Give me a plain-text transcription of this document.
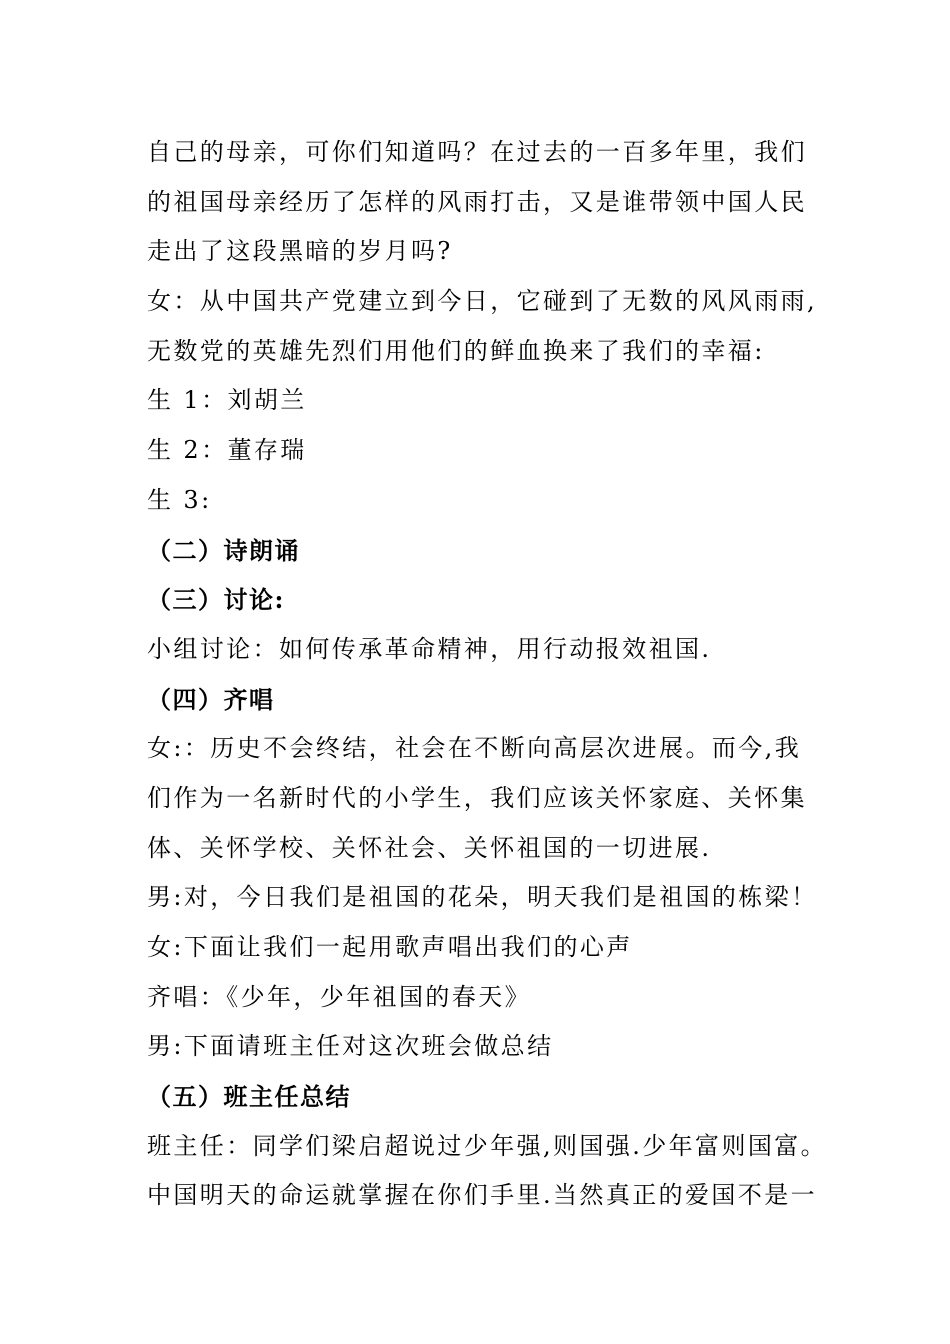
自己的母亲，可你们知道吗？在过去的一百多年里，我们
的祖国母亲经历了怎样的风雨打击，又是谁带领中国人民
走出了这段黑暗的岁月吗?
女：从中国共产党建立到今日，它碰到了无数的风风雨雨,
无数党的英雄先烈们用他们的鲜血换来了我们的幸福:
生 1：刘胡兰
生 2：董存瑞
生 3:
（二）诗朗诵
（三）讨论:
小组讨论：如何传承革命精神，用行动报效祖国.
（四）齐唱
女:：历史不会终结，社会在不断向高层次进展。而今,我
们作为一名新时代的小学生，我们应该关怀家庭、关怀集
体、关怀学校、关怀社会、关怀祖国的一切进展.
男:对，今日我们是祖国的花朵，明天我们是祖国的栋梁！
女:下面让我们一起用歌声唱出我们的心声
齐唱：《少年，少年祖国的春天》
男:下面请班主任对这次班会做总结
（五）班主任总结
班主任：同学们梁启超说过少年强,则国强.少年富则国富。
中国明天的命运就掌握在你们手里.当然真正的爱国不是一
